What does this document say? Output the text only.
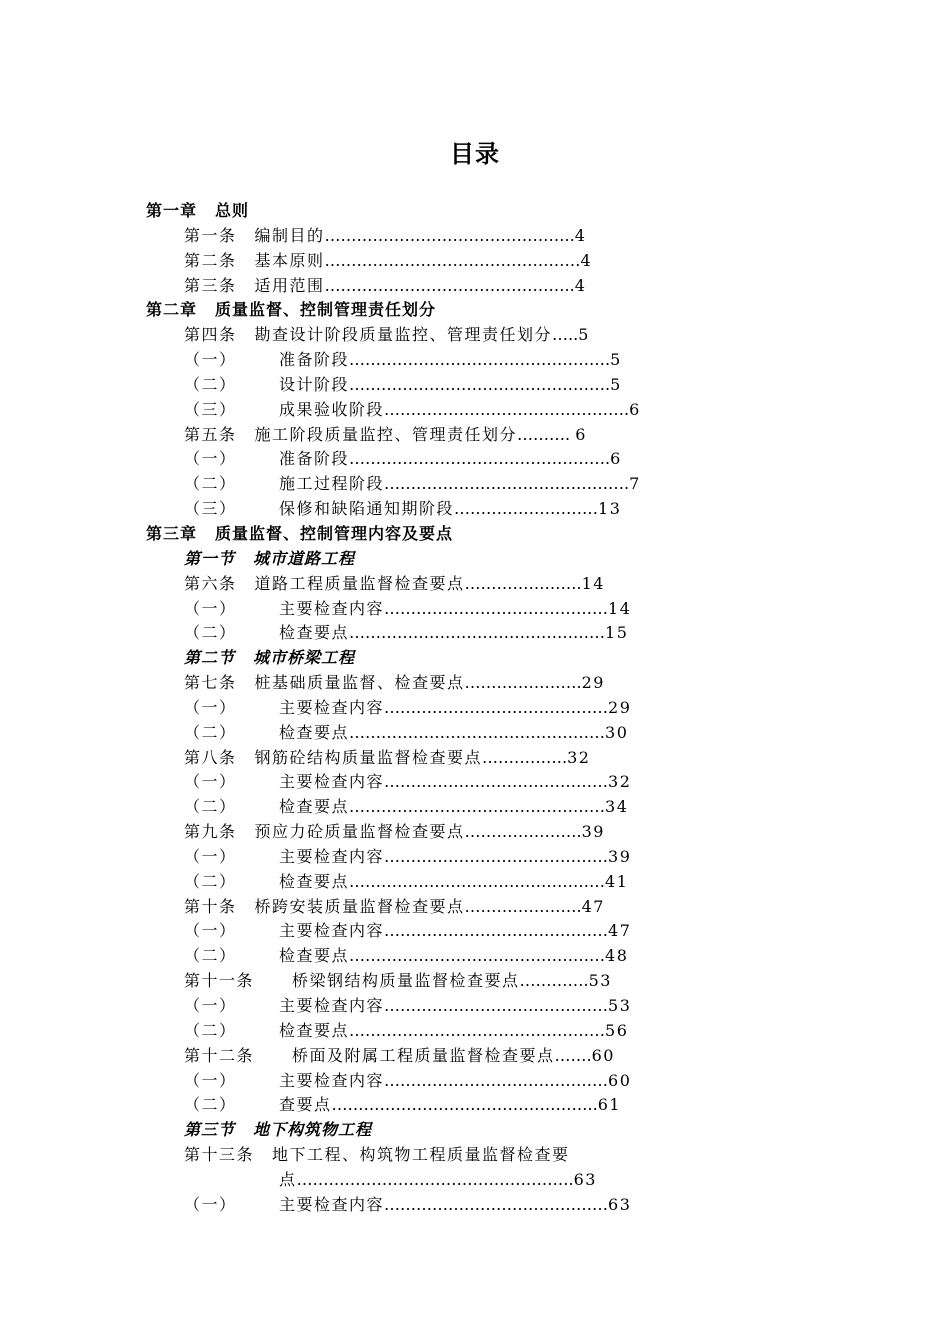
目录
第一章 总则
第一条 编制目的………………………………………..4
第二条 基本原则…………………………………………4
第三条 适用范围………………………………………..4
第二章 质量监督、控制管理责任划分
第四条 勘查设计阶段质量监控、管理责任划分…..5
（一）	准备阶段………………………………………….5
（二）	设计阶段………………………………………….5
（三）	成果验收阶段……………………………………….6
第五条 施工阶段质量监控、管理责任划分………. 6
（一）	准备阶段………………………………………….6
（二）	施工过程阶段……………………………………….7
（三）	保修和缺陷通知期阶段………………………13
第三章 质量监督、控制管理内容及要点
第一节 城市道路工程
第六条 道路工程质量监督检查要点………………….14
（一）	主要检查内容……………………………………14
（二）	检查要点…………………………………………15
第二节 城市桥梁工程
第七条 桩基础质量监督、检查要点………………….29
（一）	主要检查内容……………………………………29
（二）	检查要点…………………………………………30
第八条 钢筋砼结构质量监督检查要点…………….32
（一）	主要检查内容……………………………………32
（二）	检查要点…………………………………………34
第九条 预应力砼质量监督检查要点………………….39
（一）	主要检查内容……………………………………39
（二）	检查要点…………………………………………41
第十条 桥跨安装质量监督检查要点………………….47
（一）	主要检查内容……………………………………47
（二）	检查要点…………………………………………48
第十一条 桥梁钢结构质量监督检查要点………….53
（一）	主要检查内容……………………………………53
（二）	检查要点…………………………………………56
第十二条 桥面及附属工程质量监督检查要点…….60
（一）	主要检查内容……………………………………60
（二）	查要点…………………………………………..61
第三节 地下构筑物工程
第十三条 地下工程、构筑物工程质量监督检查要
点…………………………………………….63
（一）	主要检查内容……………………………………63
